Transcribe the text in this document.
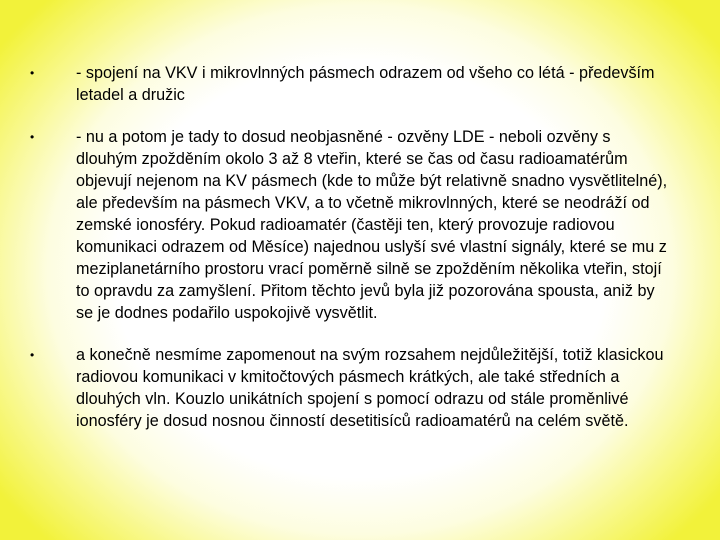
•	- spojení na VKV i mikrovlnných pásmech odrazem od všeho co létá - především letadel a družic
•	- nu a potom je tady to dosud neobjasněné - ozvěny LDE - neboli ozvěny s dlouhým zpožděním okolo 3 až 8 vteřin, které se čas od času radioamatérům objevují nejenom na KV pásmech (kde to může být relativně snadno vysvětlitelné), ale především na pásmech VKV, a to včetně mikrovlnných, které se neodráží od zemské ionosféry. Pokud radioamatér (častěji ten, který provozuje radiovou komunikaci odrazem od Měsíce) najednou uslyší své vlastní signály, které se mu z meziplanetárního prostoru vrací poměrně silně se zpožděním několika vteřin, stojí to opravdu za zamyšlení. Přitom těchto jevů byla již pozorována spousta, aniž by se je dodnes podařilo uspokojivě vysvětlit.
•	a konečně nesmíme zapomenout na svým rozsahem nejdůležitější, totiž klasickou radiovou komunikaci v kmitočtových pásmech krátkých, ale také středních a dlouhých vln. Kouzlo unikátních spojení s pomocí odrazu od stále proměnlivé ionosféry je dosud nosnou činností desetitisíců radioamatérů na celém světě.
